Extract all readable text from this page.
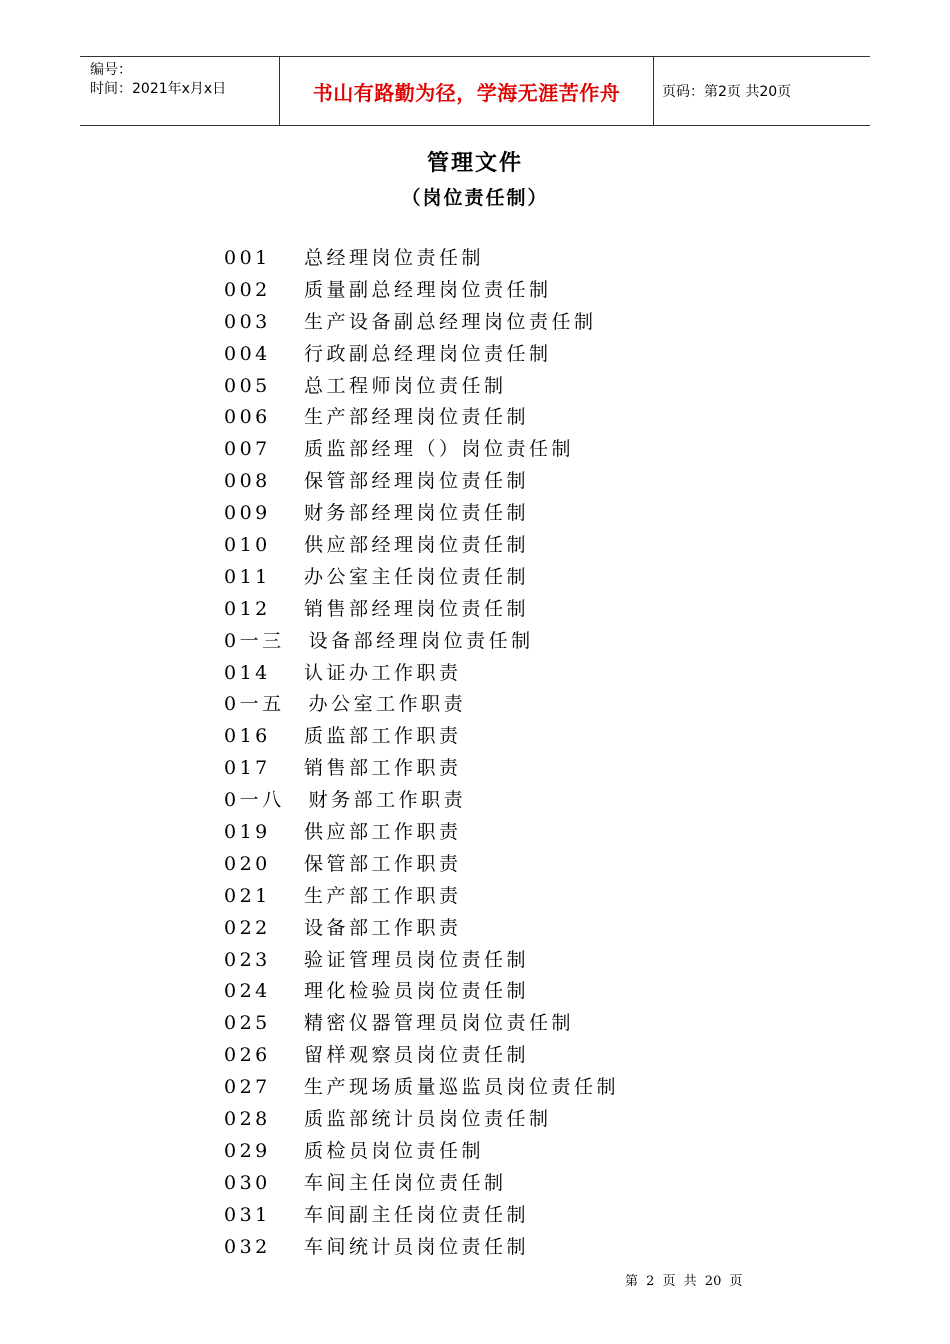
编号：
时间：2021年x月x日	书山有路勤为径，学海无涯苦作舟	页码：第2页 共20页
管理文件
（岗位责任制）
001 总经理岗位责任制
002 质量副总经理岗位责任制
003 生产设备副总经理岗位责任制
004 行政副总经理岗位责任制
005 总工程师岗位责任制
006 生产部经理岗位责任制
007 质监部经理（）岗位责任制
008 保管部经理岗位责任制
009 财务部经理岗位责任制
010 供应部经理岗位责任制
011 办公室主任岗位责任制
012 销售部经理岗位责任制
0一三 设备部经理岗位责任制
014 认证办工作职责
0一五 办公室工作职责
016 质监部工作职责
017 销售部工作职责
0一八 财务部工作职责
019 供应部工作职责
020 保管部工作职责
021 生产部工作职责
022 设备部工作职责
023 验证管理员岗位责任制
024 理化检验员岗位责任制
025 精密仪器管理员岗位责任制
026 留样观察员岗位责任制
027 生产现场质量巡监员岗位责任制
028 质监部统计员岗位责任制
029 质检员岗位责任制
030 车间主任岗位责任制
031 车间副主任岗位责任制
032 车间统计员岗位责任制
第 2 页 共 20 页
